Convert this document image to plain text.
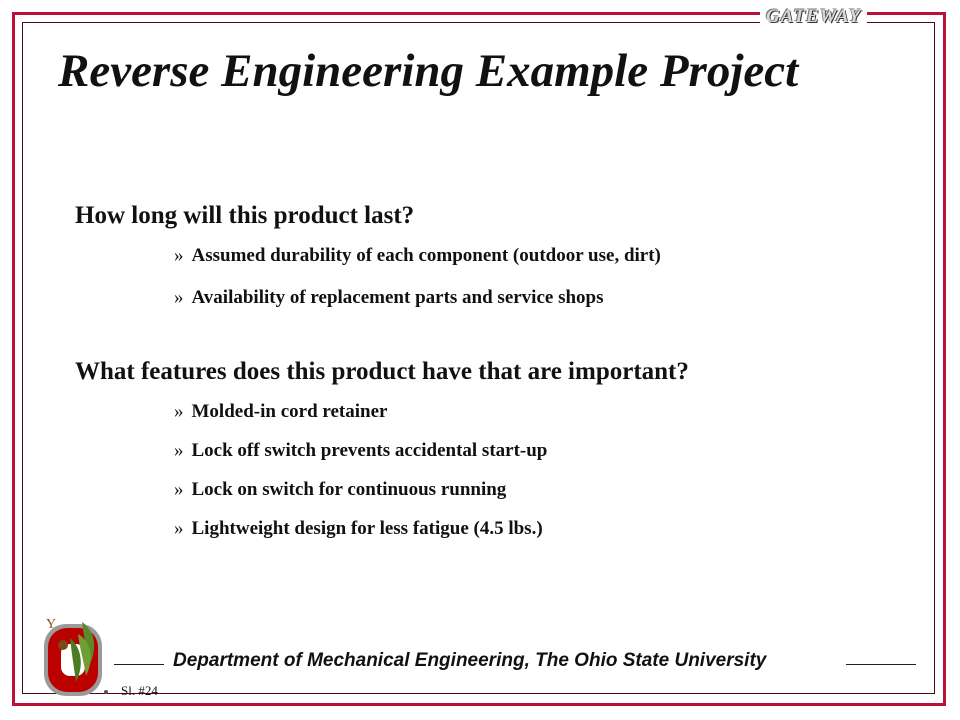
GATEWAY
Reverse Engineering Example Project

How long will this product last?

» Assumed durability of each component (outdoor use, dirt)

» Availability of replacement parts and service shops

What features does this product have that are important?

» Molded-in cord retainer

» Lock off switch prevents accidental start-up

» Lock on switch for continuous running

» Lightweight design for less fatigue (4.5 lbs.)

Department of Mechanical Engineering, The Ohio State University
Sl. #24
Y
